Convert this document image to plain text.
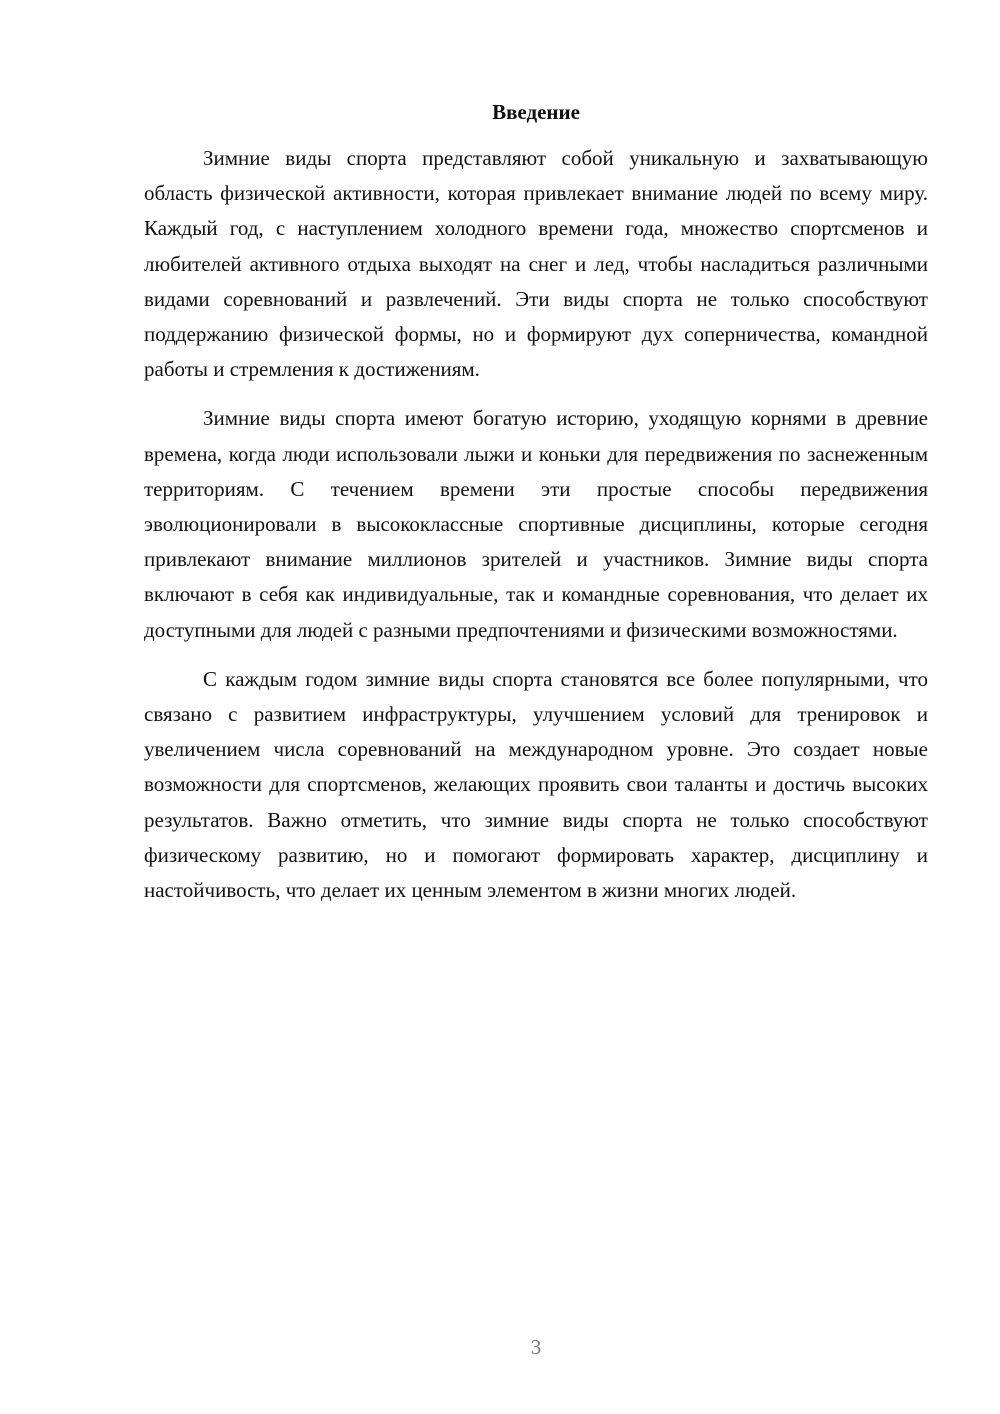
Введение

Зимние виды спорта представляют собой уникальную и захватывающую область физической активности, которая привлекает внимание людей по всему миру. Каждый год, с наступлением холодного времени года, множество спортсменов и любителей активного отдыха выходят на снег и лед, чтобы насладиться различными видами соревнований и развлечений. Эти виды спорта не только способствуют поддержанию физической формы, но и формируют дух соперничества, командной работы и стремления к достижениям.

Зимние виды спорта имеют богатую историю, уходящую корнями в древние времена, когда люди использовали лыжи и коньки для передвижения по заснеженным территориям. С течением времени эти простые способы передвижения эволюционировали в высококлассные спортивные дисциплины, которые сегодня привлекают внимание миллионов зрителей и участников. Зимние виды спорта включают в себя как индивидуальные, так и командные соревнования, что делает их доступными для людей с разными предпочтениями и физическими возможностями.

С каждым годом зимние виды спорта становятся все более популярными, что связано с развитием инфраструктуры, улучшением условий для тренировок и увеличением числа соревнований на международном уровне. Это создает новые возможности для спортсменов, желающих проявить свои таланты и достичь высоких результатов. Важно отметить, что зимние виды спорта не только способствуют физическому развитию, но и помогают формировать характер, дисциплину и настойчивость, что делает их ценным элементом в жизни многих людей.

3
